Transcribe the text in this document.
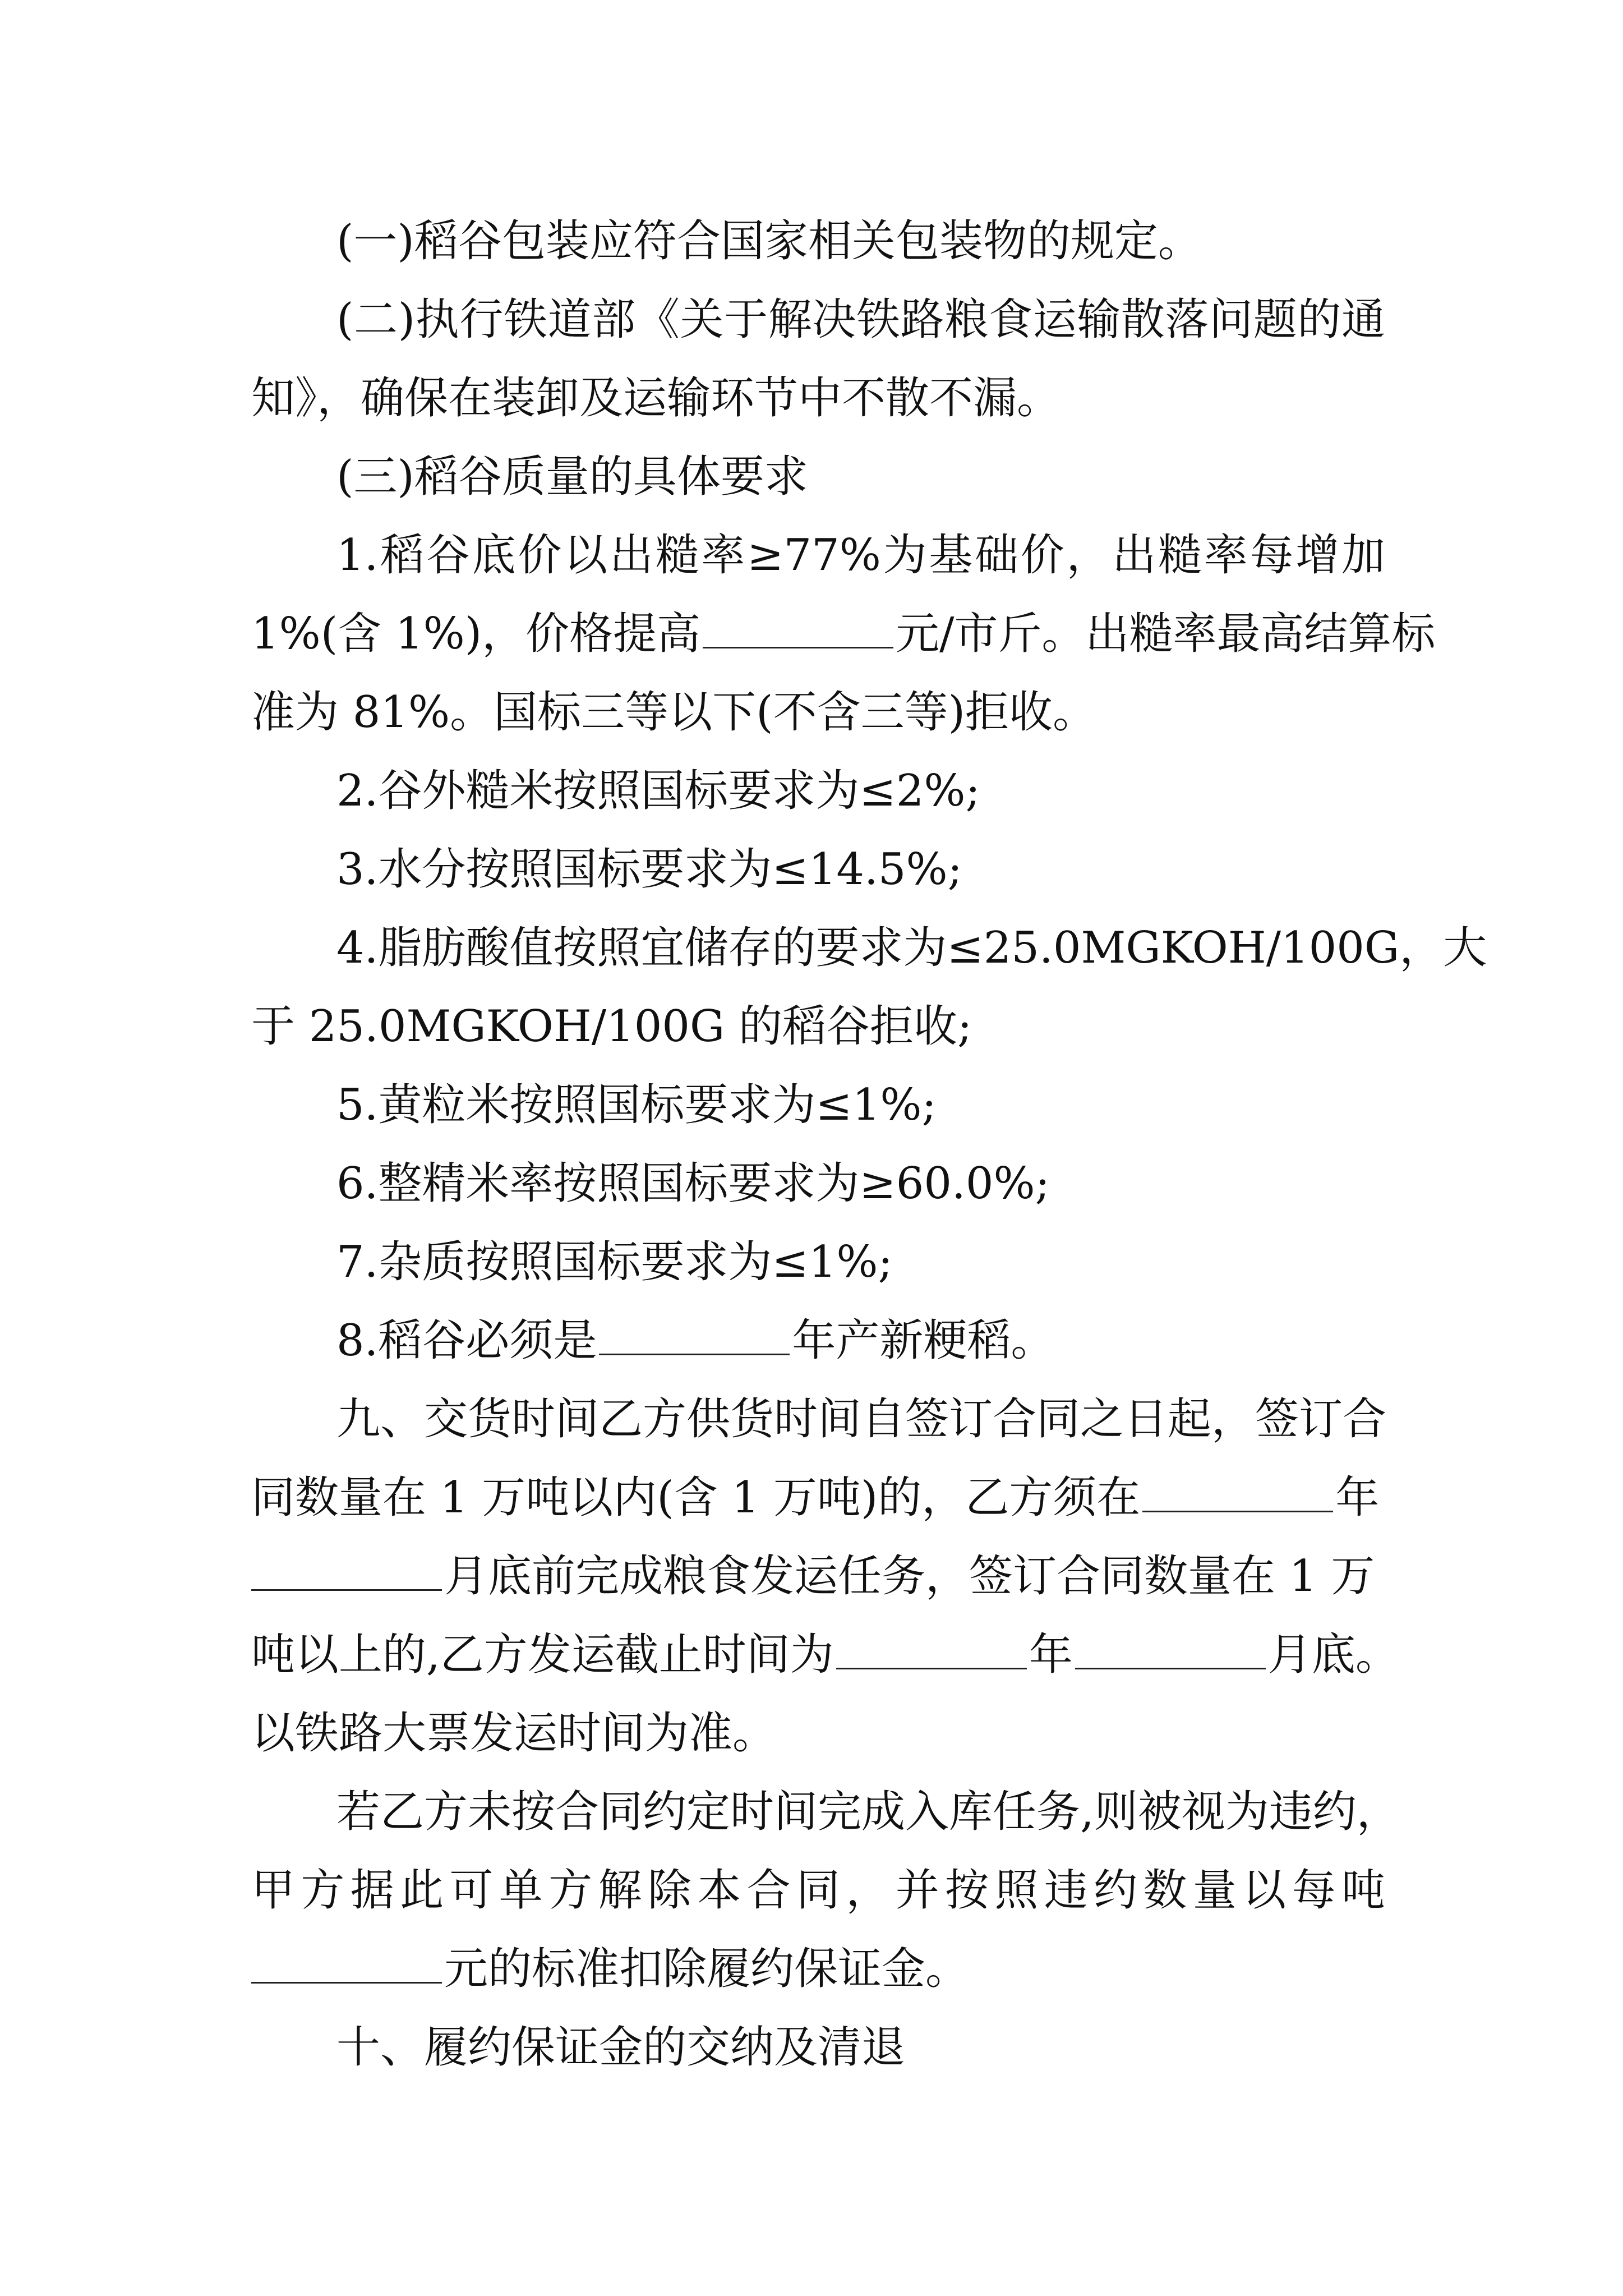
(一)稻谷包装应符合国家相关包装物的规定。
(二)执行铁道部《关于解决铁路粮食运输散落问题的通
知》，确保在装卸及运输环节中不散不漏。
(三)稻谷质量的具体要求
1.稻谷底价以出糙率≥77%为基础价，出糙率每增加
1%(含 1%)，价格提高	元/市斤。出糙率最高结算标
准为 81%。国标三等以下(不含三等)拒收。
2.谷外糙米按照国标要求为≤2%;
3.水分按照国标要求为≤14.5%;
4.脂肪酸值按照宜储存的要求为≤25.0MGKOH/100G，大
于 25.0MGKOH/100G 的稻谷拒收;
5.黄粒米按照国标要求为≤1%;
6.整精米率按照国标要求为≥60.0%;
7.杂质按照国标要求为≤1%;
8.稻谷必须是	年产新粳稻。
九、交货时间乙方供货时间自签订合同之日起，签订合
同数量在 1 万吨以内(含 1 万吨)的，乙方须在	年
月底前完成粮食发运任务，签订合同数量在 1 万
吨以上的,乙方发运截止时间为	年	月底。
以铁路大票发运时间为准。
若乙方未按合同约定时间完成入库任务,则被视为违约，
甲方据此可单方解除本合同，并按照违约数量以每吨
元的标准扣除履约保证金。
十、履约保证金的交纳及清退
